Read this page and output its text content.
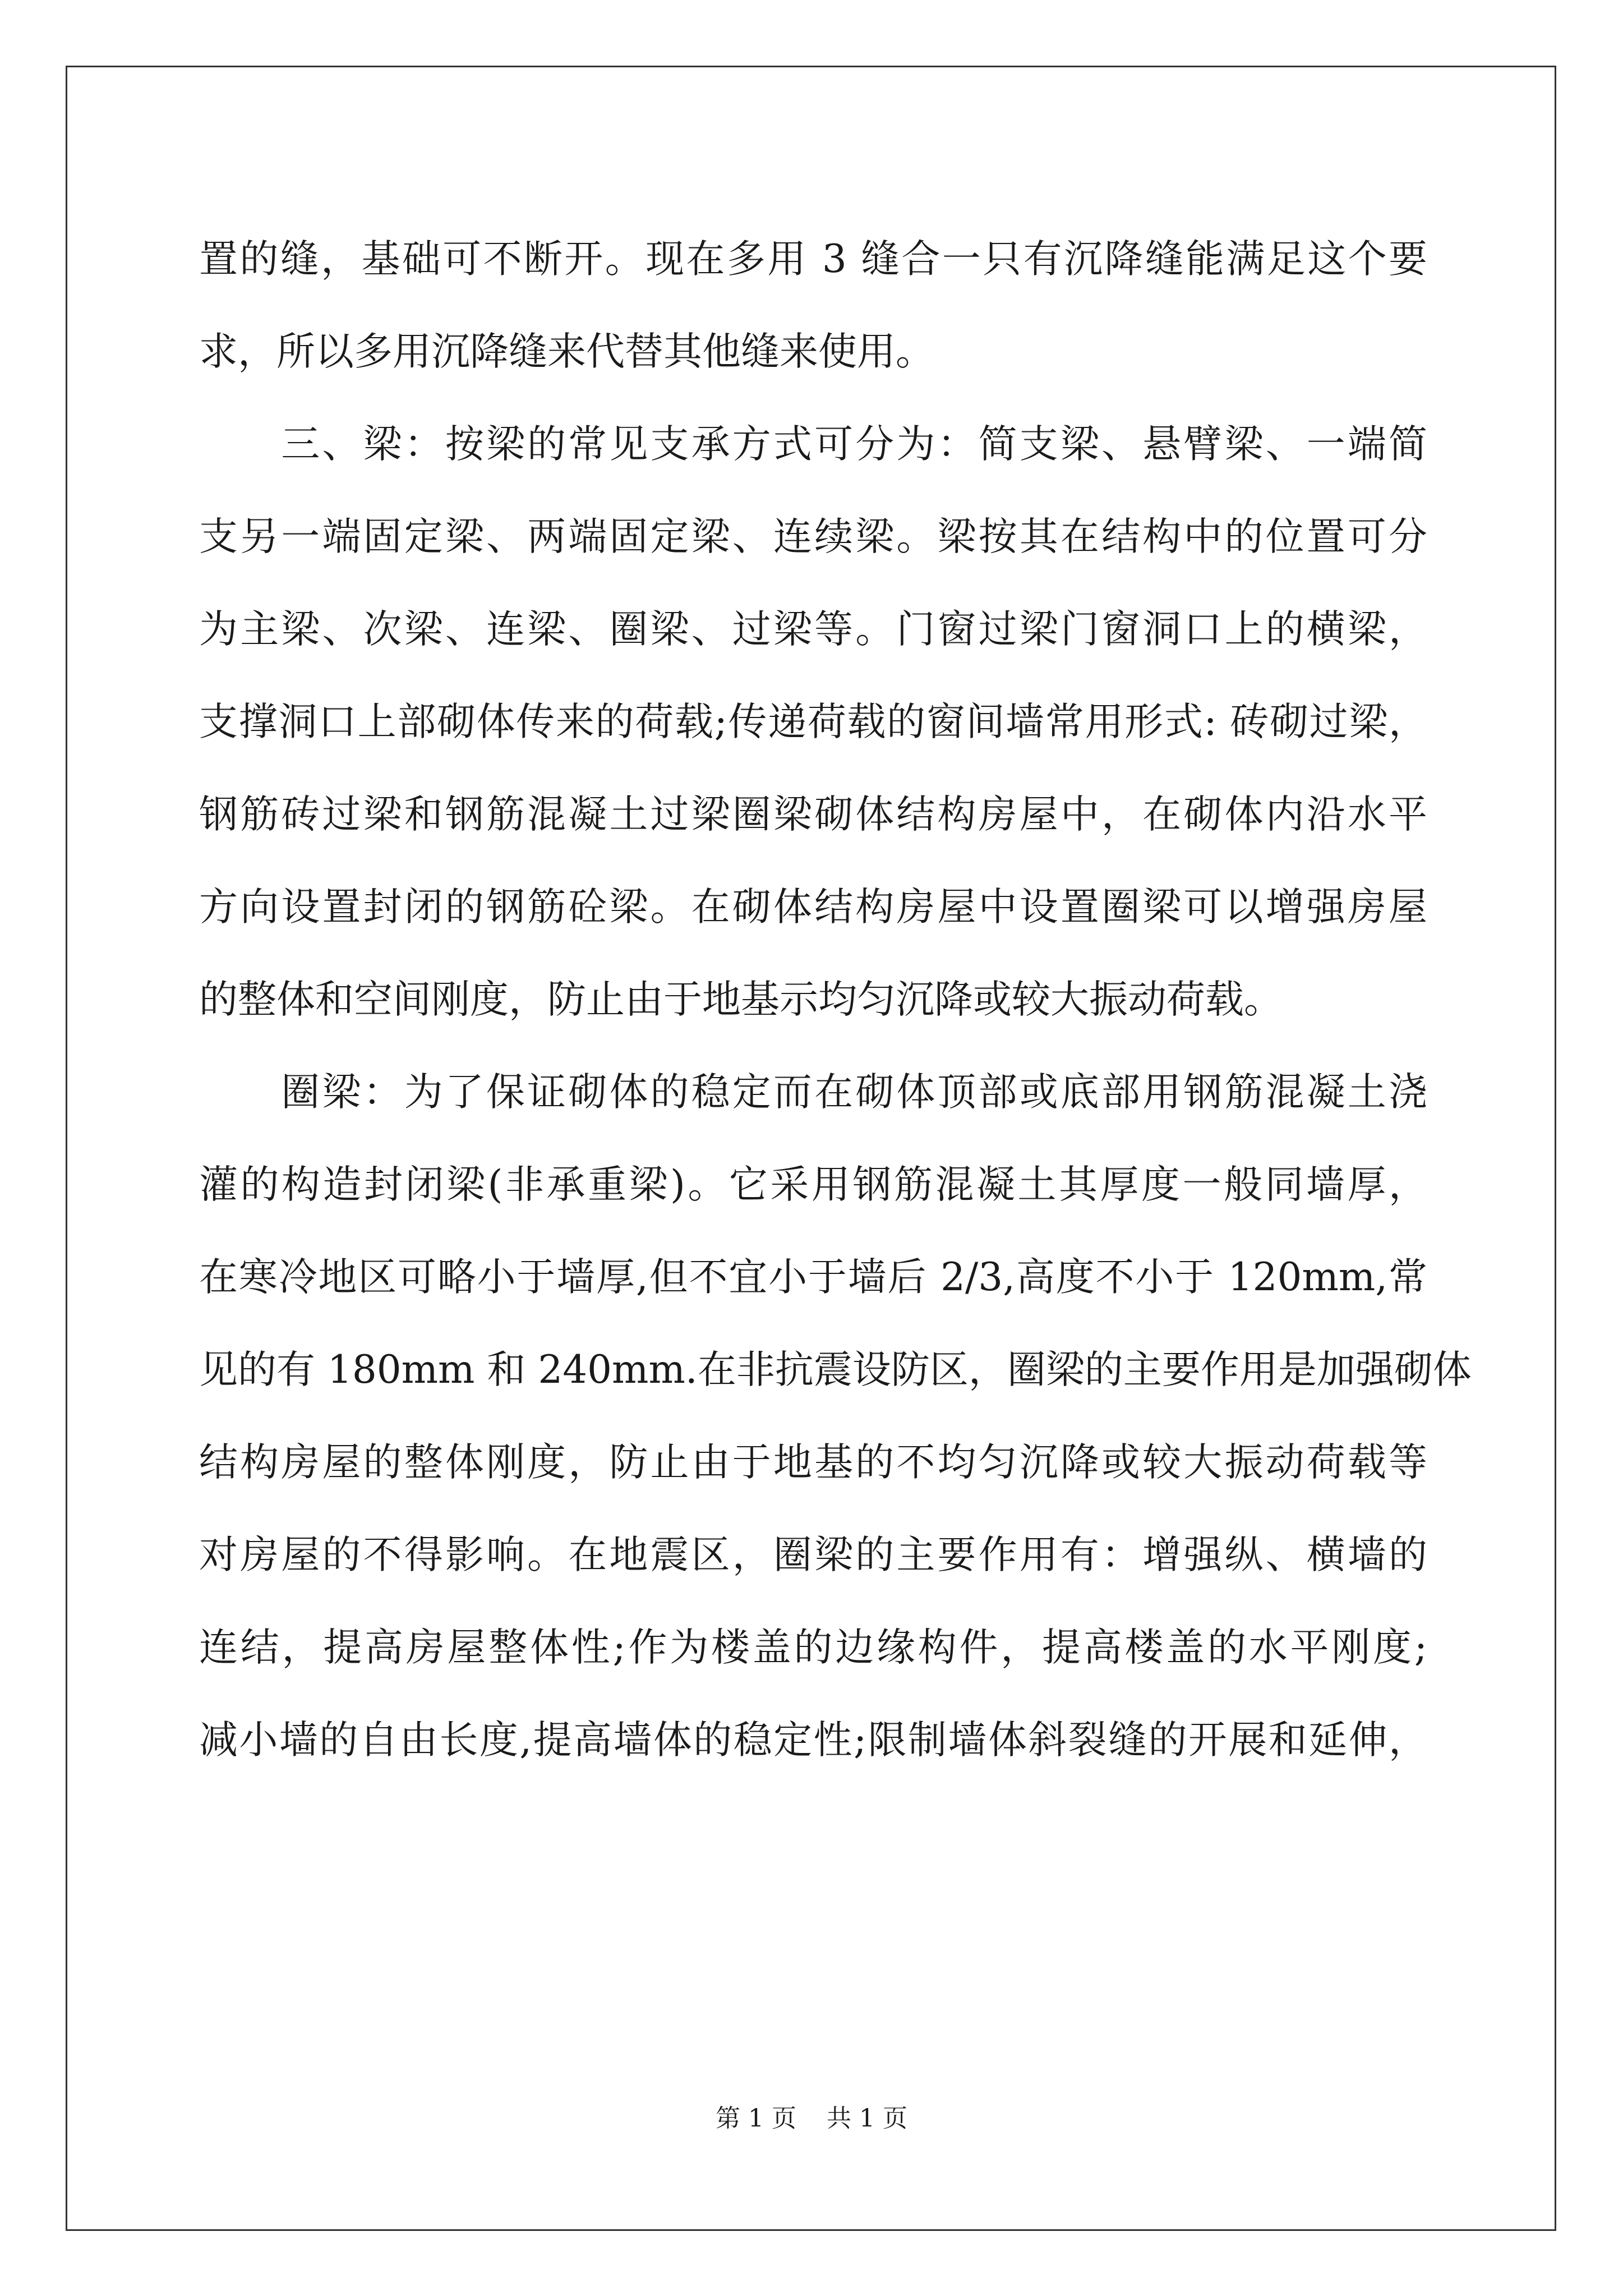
置的缝，基础可不断开。现在多用 3 缝合一只有沉降缝能满足这个要
求，所以多用沉降缝来代替其他缝来使用。
　　三、梁：按梁的常见支承方式可分为：简支梁、悬臂梁、一端简
支另一端固定梁、两端固定梁、连续梁。梁按其在结构中的位置可分
为主梁、次梁、连梁、圈梁、过梁等。门窗过梁门窗洞口上的横梁，
支撑洞口上部砌体传来的荷载;传递荷载的窗间墙常用形式: 砖砌过梁，
钢筋砖过梁和钢筋混凝土过梁圈梁砌体结构房屋中，在砌体内沿水平
方向设置封闭的钢筋砼梁。在砌体结构房屋中设置圈梁可以增强房屋
的整体和空间刚度，防止由于地基示均匀沉降或较大振动荷载。
　　圈梁：为了保证砌体的稳定而在砌体顶部或底部用钢筋混凝土浇
灌的构造封闭梁(非承重梁)。它采用钢筋混凝土其厚度一般同墙厚，
在寒冷地区可略小于墙厚,但不宜小于墙后 2/3,高度不小于 120mm,常
见的有 180mm 和 240mm.在非抗震设防区，圈梁的主要作用是加强砌体
结构房屋的整体刚度，防止由于地基的不均匀沉降或较大振动荷载等
对房屋的不得影响。在地震区，圈梁的主要作用有：增强纵、横墙的
连结，提高房屋整体性;作为楼盖的边缘构件，提高楼盖的水平刚度;
减小墙的自由长度,提高墙体的稳定性;限制墙体斜裂缝的开展和延伸，
第 1 页 共 1 页
